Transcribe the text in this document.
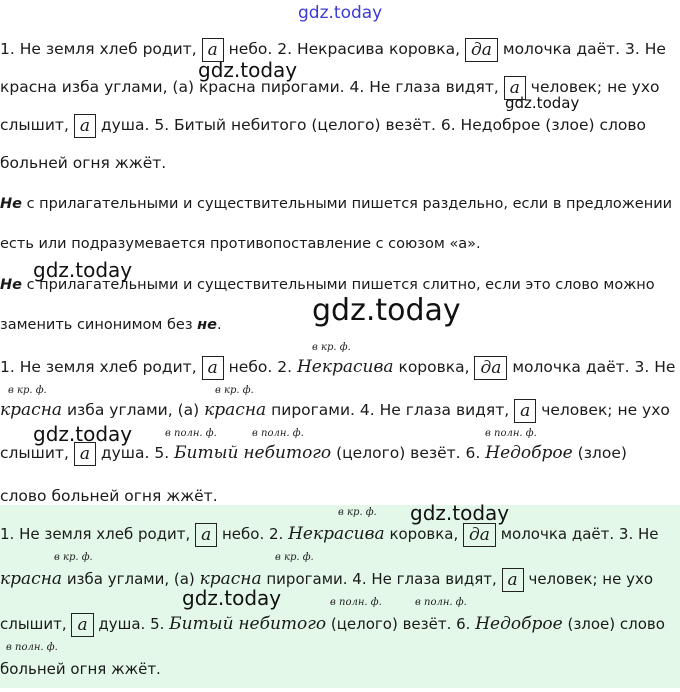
gdz.today
gdz.today
gdz.today
gdz.today
gdz.today
gdz.today

1. Не земля хлеб родит, а небо. 2. Некрасива коровка, да молочка даёт. 3. Не красна изба углами, (а) красна пирогами. 4. Не глаза видят, а человек; не ухо слышит, а душа. 5. Битый небитого (целого) везёт. 6. Недоброе (злое) слово больней огня жжёт.

Не с прилагательными и существительными пишется раздельно, если в предложении есть или подразумевается противопоставление с союзом «а».

Не с прилагательными и существительными пишется слитно, если это слово можно заменить синонимом без не.

в кр. ф.
в кр. ф.	в кр. ф.
в полн. ф.	в полн. ф.	в полн. ф.

1. Не земля хлеб родит, а небо. 2. Некрасива коровка, да молочка даёт. 3. Не красна изба углами, (а) красна пирогами. 4. Не глаза видят, а человек; не ухо слышит, а душа. 5. Битый небитого (целого) везёт. 6. Недоброе (злое) слово больней огня жжёт.

gdz.today
gdz.today
в кр. ф.
в кр. ф.	в кр. ф.
в полн. ф.	в полн. ф.
в полн. ф.

1. Не земля хлеб родит, а небо. 2. Некрасива коровка, да молочка даёт. 3. Не красна изба углами, (а) красна пирогами. 4. Не глаза видят, а человек; не ухо слышит, а душа. 5. Битый небитого (целого) везёт. 6. Недоброе (злое) слово больней огня жжёт.
